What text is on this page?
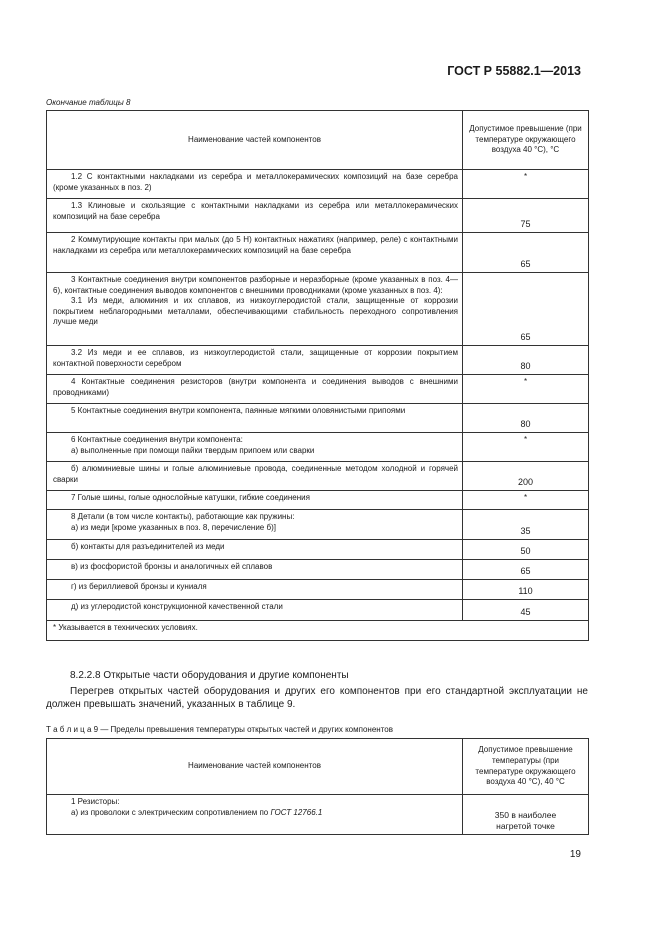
ГОСТ Р 55882.1—2013
Окончание таблицы 8
Наименование частей компонентов	Допустимое превышение (при температуре окружающего воздуха 40 °С), °С

1.2 С контактными накладками из серебра и металлокерамических композиций на базе серебра (кроме указанных в поз. 2)	*

1.3 Клиновые и скользящие с контактными накладками из серебра или металлокерамических композиций на базе серебра	75

2 Коммутирующие контакты при малых (до 5 Н) контактных нажатиях (например, реле) с контактными накладками из серебра или металлокерамических композиций на базе серебра	65

3 Контактные соединения внутри компонентов разборные и неразборные (кроме указанных в поз. 4—6), контактные соединения выводов компонентов с внешними проводниками (кроме указанных в поз. 4):

3.1 Из меди, алюминия и их сплавов, из низкоуглеродистой стали, защищенные от коррозии покрытием неблагородными металлами, обеспечивающими стабильность переходного сопротивления лучше меди	65

3.2 Из меди и ее сплавов, из низкоуглеродистой стали, защищенные от коррозии покрытием контактной поверхности серебром	80

4 Контактные соединения резисторов (внутри компонента и соединения выводов с внешними проводниками)	*

5 Контактные соединения внутри компонента, паянные мягкими оловянистыми припоями	80

6 Контактные соединения внутри компонента:

а) выполненные при помощи пайки твердым припоем или сварки	*

б) алюминиевые шины и голые алюминиевые провода, соединенные методом холодной и горячей сварки	200

7 Голые шины, голые однослойные катушки, гибкие соединения	*

8 Детали (в том числе контакты), работающие как пружины:

а) из меди [кроме указанных в поз. 8, перечисление б)]	35

б) контакты для разъединителей из меди	50

в) из фосфористой бронзы и аналогичных ей сплавов	65

г) из бериллиевой бронзы и куниаля	110

д) из углеродистой конструкционной качественной стали	45
* Указывается в технических условиях.	
8.2.2.8 Открытые части оборудования и другие компоненты
Перегрев открытых частей оборудования и других его компонентов при его стандартной эксплуатации не должен превышать значений, указанных в таблице 9.
Т а б л и ц а 9 — Пределы превышения температуры открытых частей и других компонентов
Наименование частей компонентов	Допустимое превышение температуры (при температуре окружающего воздуха 40 °С), 40 °С

1 Резисторы:

а) из проволоки с электрическим сопротивлением по ГОСТ 12766.1	350 в наиболее нагретой точке
19
